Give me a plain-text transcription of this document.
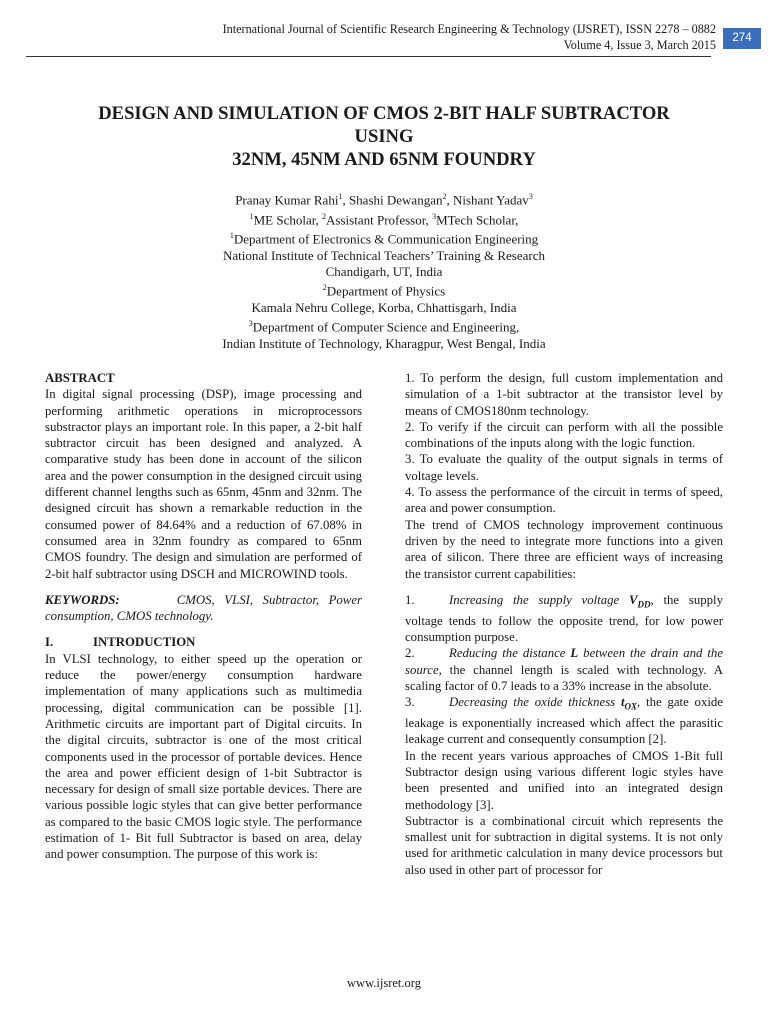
International Journal of Scientific Research Engineering & Technology (IJSRET), ISSN 2278 – 0882
Volume 4, Issue 3, March 2015	274
DESIGN AND SIMULATION OF CMOS 2-BIT HALF SUBTRACTOR
USING
32NM, 45NM AND 65NM FOUNDRY
Pranay Kumar Rahi$^1$, Shashi Dewangan$^2$, Nishant Yadav$^3$
$^1$ME Scholar, $^2$Assistant Professor, $^3$MTech Scholar,
$^1$Department of Electronics & Communication Engineering
National Institute of Technical Teachers’ Training & Research
Chandigarh, UT, India
$^2$Department of Physics
Kamala Nehru College, Korba, Chhattisgarh, India
$^3$Department of Computer Science and Engineering,
Indian Institute of Technology, Kharagpur, West Bengal, India

ABSTRACT

In digital signal processing (DSP), image processing and performing arithmetic operations in microprocessors substractor plays an important role. In this paper, a 2-bit half subtractor circuit has been designed and analyzed. A comparative study has been done in account of the silicon area and the power consumption in the designed circuit using different channel lengths such as 65nm, 45nm and 32nm. The designed circuit has shown a remarkable reduction in the consumed power of 84.64% and a reduction of 67.08% in consumed area in 32nm foundry as compared to 65nm CMOS foundry. The design and simulation are performed of 2-bit half subtractor using DSCH and MICROWIND tools.

KEYWORDS:	CMOS, VLSI, Subtractor, Power consumption, CMOS technology.

I.	INTRODUCTION

In VLSI technology, to either speed up the operation or reduce the power/energy consumption hardware implementation of many applications such as multimedia processing, digital communication can be possible [1]. Arithmetic circuits are important part of Digital circuits. In the digital circuits, subtractor is one of the most critical components used in the processor of portable devices. Hence the area and power efficient design of 1-bit Subtractor is necessary for design of small size portable devices. There are various possible logic styles that can give better performance as compared to the basic CMOS logic style. The performance estimation of 1- Bit full Subtractor is based on area, delay and power consumption. The purpose of this work is:

1. To perform the design, full custom implementation and simulation of a 1-bit subtractor at the transistor level by means of CMOS180nm technology.

2. To verify if the circuit can perform with all the possible combinations of the inputs along with the logic function.

3. To evaluate the quality of the output signals in terms of voltage levels.

4. To assess the performance of the circuit in terms of speed, area and power consumption.

The trend of CMOS technology improvement continuous driven by the need to integrate more functions into a given area of silicon. There three are efficient ways of increasing the transistor current capabilities:

1.	Increasing the supply voltage $V_{DD}$, the supply voltage tends to follow the opposite trend, for low power consumption purpose.

2.	Reducing the distance L between the drain and the source, the channel length is scaled with technology. A scaling factor of 0.7 leads to a 33% increase in the absolute.

3.	Decreasing the oxide thickness $t_{OX}$, the gate oxide leakage is exponentially increased which affect the parasitic leakage current and consequently consumption [2].

In the recent years various approaches of CMOS 1-Bit full Subtractor design using various different logic styles have been presented and unified into an integrated design methodology [3].

Subtractor is a combinational circuit which represents the smallest unit for subtraction in digital systems. It is not only used for arithmetic calculation in many device processors but also used in other part of processor for

www.ijsret.org
